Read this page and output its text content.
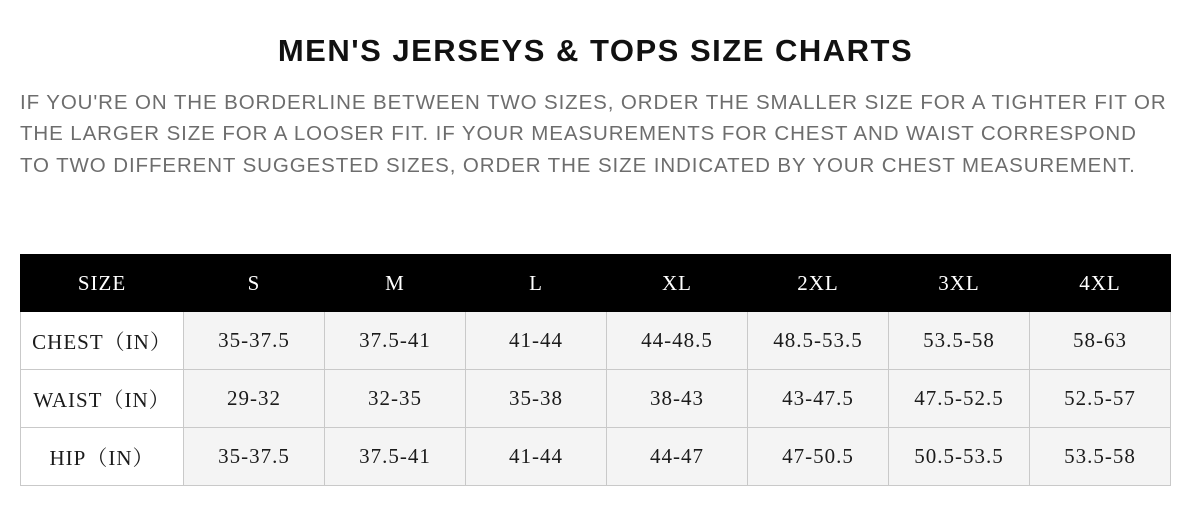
MEN'S JERSEYS & TOPS SIZE CHARTS
IF YOU'RE ON THE BORDERLINE BETWEEN TWO SIZES, ORDER THE SMALLER SIZE FOR A TIGHTER FIT OR THE LARGER SIZE FOR A LOOSER FIT. IF YOUR MEASUREMENTS FOR CHEST AND WAIST CORRESPOND TO TWO DIFFERENT SUGGESTED SIZES, ORDER THE SIZE INDICATED BY YOUR CHEST MEASUREMENT.
SIZE	S	M	L	XL	2XL	3XL	4XL
CHEST（IN）	35-37.5	37.5-41	41-44	44-48.5	48.5-53.5	53.5-58	58-63
WAIST（IN）	29-32	32-35	35-38	38-43	43-47.5	47.5-52.5	52.5-57
HIP（IN）	35-37.5	37.5-41	41-44	44-47	47-50.5	50.5-53.5	53.5-58
